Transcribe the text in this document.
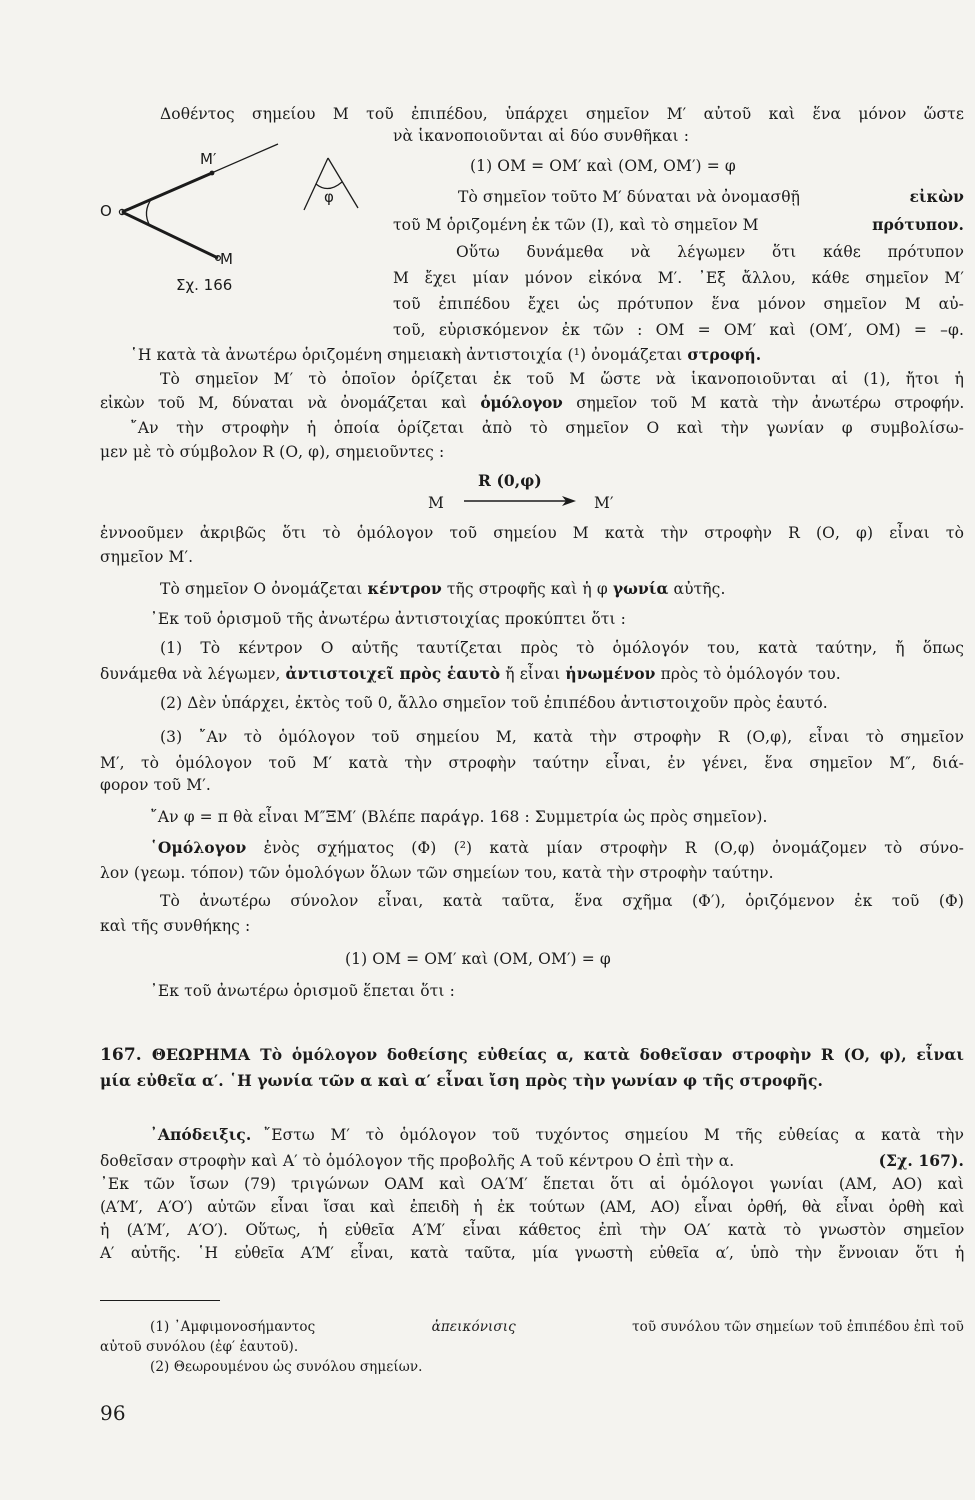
O
M′
M
φ
Σχ. 166
Δοθέντος σημείου Μ τοῦ ἐπιπέδου, ὑπάρχει σημεῖον Μ′ αὐτοῦ καὶ ἕνα μόνον ὥστε
νὰ ἱκανοποιοῦνται αἱ δύο συνθῆκαι :
(1) ΟΜ = ΟΜ′ καὶ (ΟΜ, ΟΜ′) = φ
Τὸ σημεῖον τοῦτο Μ′ δύναται νὰ ὀνομασθῇ	εἰκὼν
τοῦ Μ ὁριζομένη ἐκ τῶν (Ι), καὶ τὸ σημεῖον Μ	πρότυπον.
Οὕτω δυνάμεθα νὰ λέγωμεν ὅτι κάθε πρότυπον
Μ ἔχει μίαν μόνον εἰκόνα Μ′. ᾿Εξ ἄλλου, κάθε σημεῖον Μ′
τοῦ ἐπιπέδου ἔχει ὡς πρότυπον ἕνα μόνον σημεῖον Μ αὐ-
τοῦ, εὑρισκόμενον ἐκ τῶν : ΟΜ = ΟΜ′ καὶ (ΟΜ′, ΟΜ) = –φ.
῾Η κατὰ τὰ ἀνωτέρω ὁριζομένη σημειακὴ ἀντιστοιχία (¹) ὀνομάζεται στροφή.
Τὸ σημεῖον Μ′ τὸ ὁποῖον ὁρίζεται ἐκ τοῦ Μ ὥστε νὰ ἱκανοποιοῦνται αἱ (1), ἤτοι ἡ
εἰκὼν τοῦ Μ, δύναται νὰ ὀνομάζεται καὶ ὁμόλογον σημεῖον τοῦ Μ κατὰ τὴν ἀνωτέρω στροφήν.
῎Αν τὴν στροφὴν ἡ ὁποία ὁρίζεται ἀπὸ τὸ σημεῖον Ο καὶ τὴν γωνίαν φ συμβολίσω-
μεν μὲ τὸ σύμβολον R (Ο, φ), σημειοῦντες :
R (0,φ)
Μ	Μ′
ἐννοοῦμεν ἀκριβῶς ὅτι τὸ ὁμόλογον τοῦ σημείου Μ κατὰ τὴν στροφὴν R (Ο, φ) εἶναι τὸ
σημεῖον Μ′.
Τὸ σημεῖον Ο ὀνομάζεται κέντρον τῆς στροφῆς καὶ ἡ φ γωνία αὐτῆς.
᾿Εκ τοῦ ὁρισμοῦ τῆς ἀνωτέρω ἀντιστοιχίας προκύπτει ὅτι :
(1) Τὸ κέντρον Ο αὐτῆς ταυτίζεται πρὸς τὸ ὁμόλογόν του, κατὰ ταύτην, ἤ ὅπως
δυνάμεθα νὰ λέγωμεν, ἀντιστοιχεῖ πρὸς ἑαυτὸ ἤ εἶναι ἡνωμένον πρὸς τὸ ὁμόλογόν του.
(2) Δὲν ὑπάρχει, ἐκτὸς τοῦ 0, ἄλλο σημεῖον τοῦ ἐπιπέδου ἀντιστοιχοῦν πρὸς ἑαυτό.
(3) ῎Αν τὸ ὁμόλογον τοῦ σημείου Μ, κατὰ τὴν στροφὴν R (Ο,φ), εἶναι τὸ σημεῖον
Μ′, τὸ ὁμόλογον τοῦ Μ′ κατὰ τὴν στροφὴν ταύτην εἶναι, ἐν γένει, ἕνα σημεῖον Μ″, διά-
φορον τοῦ Μ′.
῎Αν φ = π θὰ εἶναι Μ″ΞΜ′ (Βλέπε παράγρ. 168 : Συμμετρία ὡς πρὸς σημεῖον).
῾Ομόλογον ἑνὸς σχήματος (Φ) (²) κατὰ μίαν στροφὴν R (Ο,φ) ὀνομάζομεν τὸ σύνο-
λον (γεωμ. τόπον) τῶν ὁμολόγων ὅλων τῶν σημείων του, κατὰ τὴν στροφὴν ταύτην.
Τὸ ἀνωτέρω σύνολον εἶναι, κατὰ ταῦτα, ἕνα σχῆμα (Φ′), ὁριζόμενον ἐκ τοῦ (Φ)
καὶ τῆς συνθήκης :
(1) ΟΜ = ΟΜ′ καὶ (ΟΜ, ΟΜ′) = φ
᾿Εκ τοῦ ἀνωτέρω ὁρισμοῦ ἕπεται ὅτι :
167. ΘΕΩΡΗΜΑ Τὸ ὁμόλογον δοθείσης εὐθείας α, κατὰ δοθεῖσαν στροφὴν R (Ο, φ), εἶναι
μία εὐθεῖα α′. ῾Η γωνία τῶν α καὶ α′ εἶναι ἴση πρὸς τὴν γωνίαν φ τῆς στροφῆς.
᾿Απόδειξις. ῎Εστω Μ′ τὸ ὁμόλογον τοῦ τυχόντος σημείου Μ τῆς εὐθείας α κατὰ τὴν
δοθεῖσαν στροφὴν καὶ Α′ τὸ ὁμόλογον τῆς προβολῆς Α τοῦ κέντρου Ο ἐπὶ τὴν α.	(Σχ. 167).
᾿Εκ τῶν ἴσων (79) τριγώνων ΟΑΜ καὶ ΟΑ′Μ′ ἕπεται ὅτι αἱ ὁμόλογοι γωνίαι (ΑΜ, ΑΟ) καὶ
(Α′Μ′, Α′Ο′) αὐτῶν εἶναι ἴσαι καὶ ἐπειδὴ ἡ ἐκ τούτων (ΑΜ, ΑΟ) εἶναι ὀρθή, θὰ εἶναι ὀρθὴ καὶ
ἡ (Α′Μ′, Α′Ο′). Οὕτως, ἡ εὐθεῖα Α′Μ′ εἶναι κάθετος ἐπὶ τὴν ΟΑ′ κατὰ τὸ γνωστὸν σημεῖον
Α′ αὐτῆς. ῾Η εὐθεῖα Α′Μ′ εἶναι, κατὰ ταῦτα, μία γνωστὴ εὐθεῖα α′, ὑπὸ τὴν ἔννοιαν ὅτι ἡ
(1) ᾿Αμφιμονοσήμαντος	ἀπεικόνισις	τοῦ συνόλου τῶν σημείων τοῦ ἐπιπέδου ἐπὶ τοῦ
αὐτοῦ συνόλου (ἐφ′ ἑαυτοῦ).
(2) Θεωρουμένου ὡς συνόλου σημείων.
96
